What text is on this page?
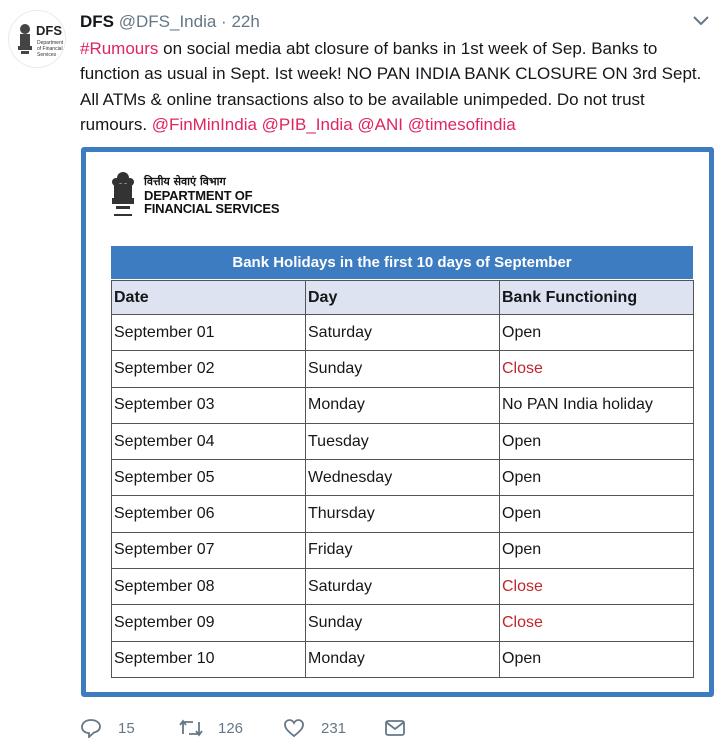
DFS
Department of Financial Services
DFS @DFS_India · 22h
#Rumours on social media abt closure of banks in 1st week of Sep. Banks to function as usual in Sept. Ist week! NO PAN INDIA BANK CLOSURE ON 3rd Sept. All ATMs & online transactions also to be available unimpeded. Do not trust rumours. @FinMinIndia @PIB_India @ANI @timesofindia
वित्तीय सेवाएं विभाग
DEPARTMENT OF
FINANCIAL SERVICES
Bank Holidays in the first 10 days of September
Date	Day	Bank Functioning
September 01	Saturday	Open
September 02	Sunday	Close
September 03	Monday	No PAN India holiday
September 04	Tuesday	Open
September 05	Wednesday	Open
September 06	Thursday	Open
September 07	Friday	Open
September 08	Saturday	Close
September 09	Sunday	Close
September 10	Monday	Open
15	126	231
